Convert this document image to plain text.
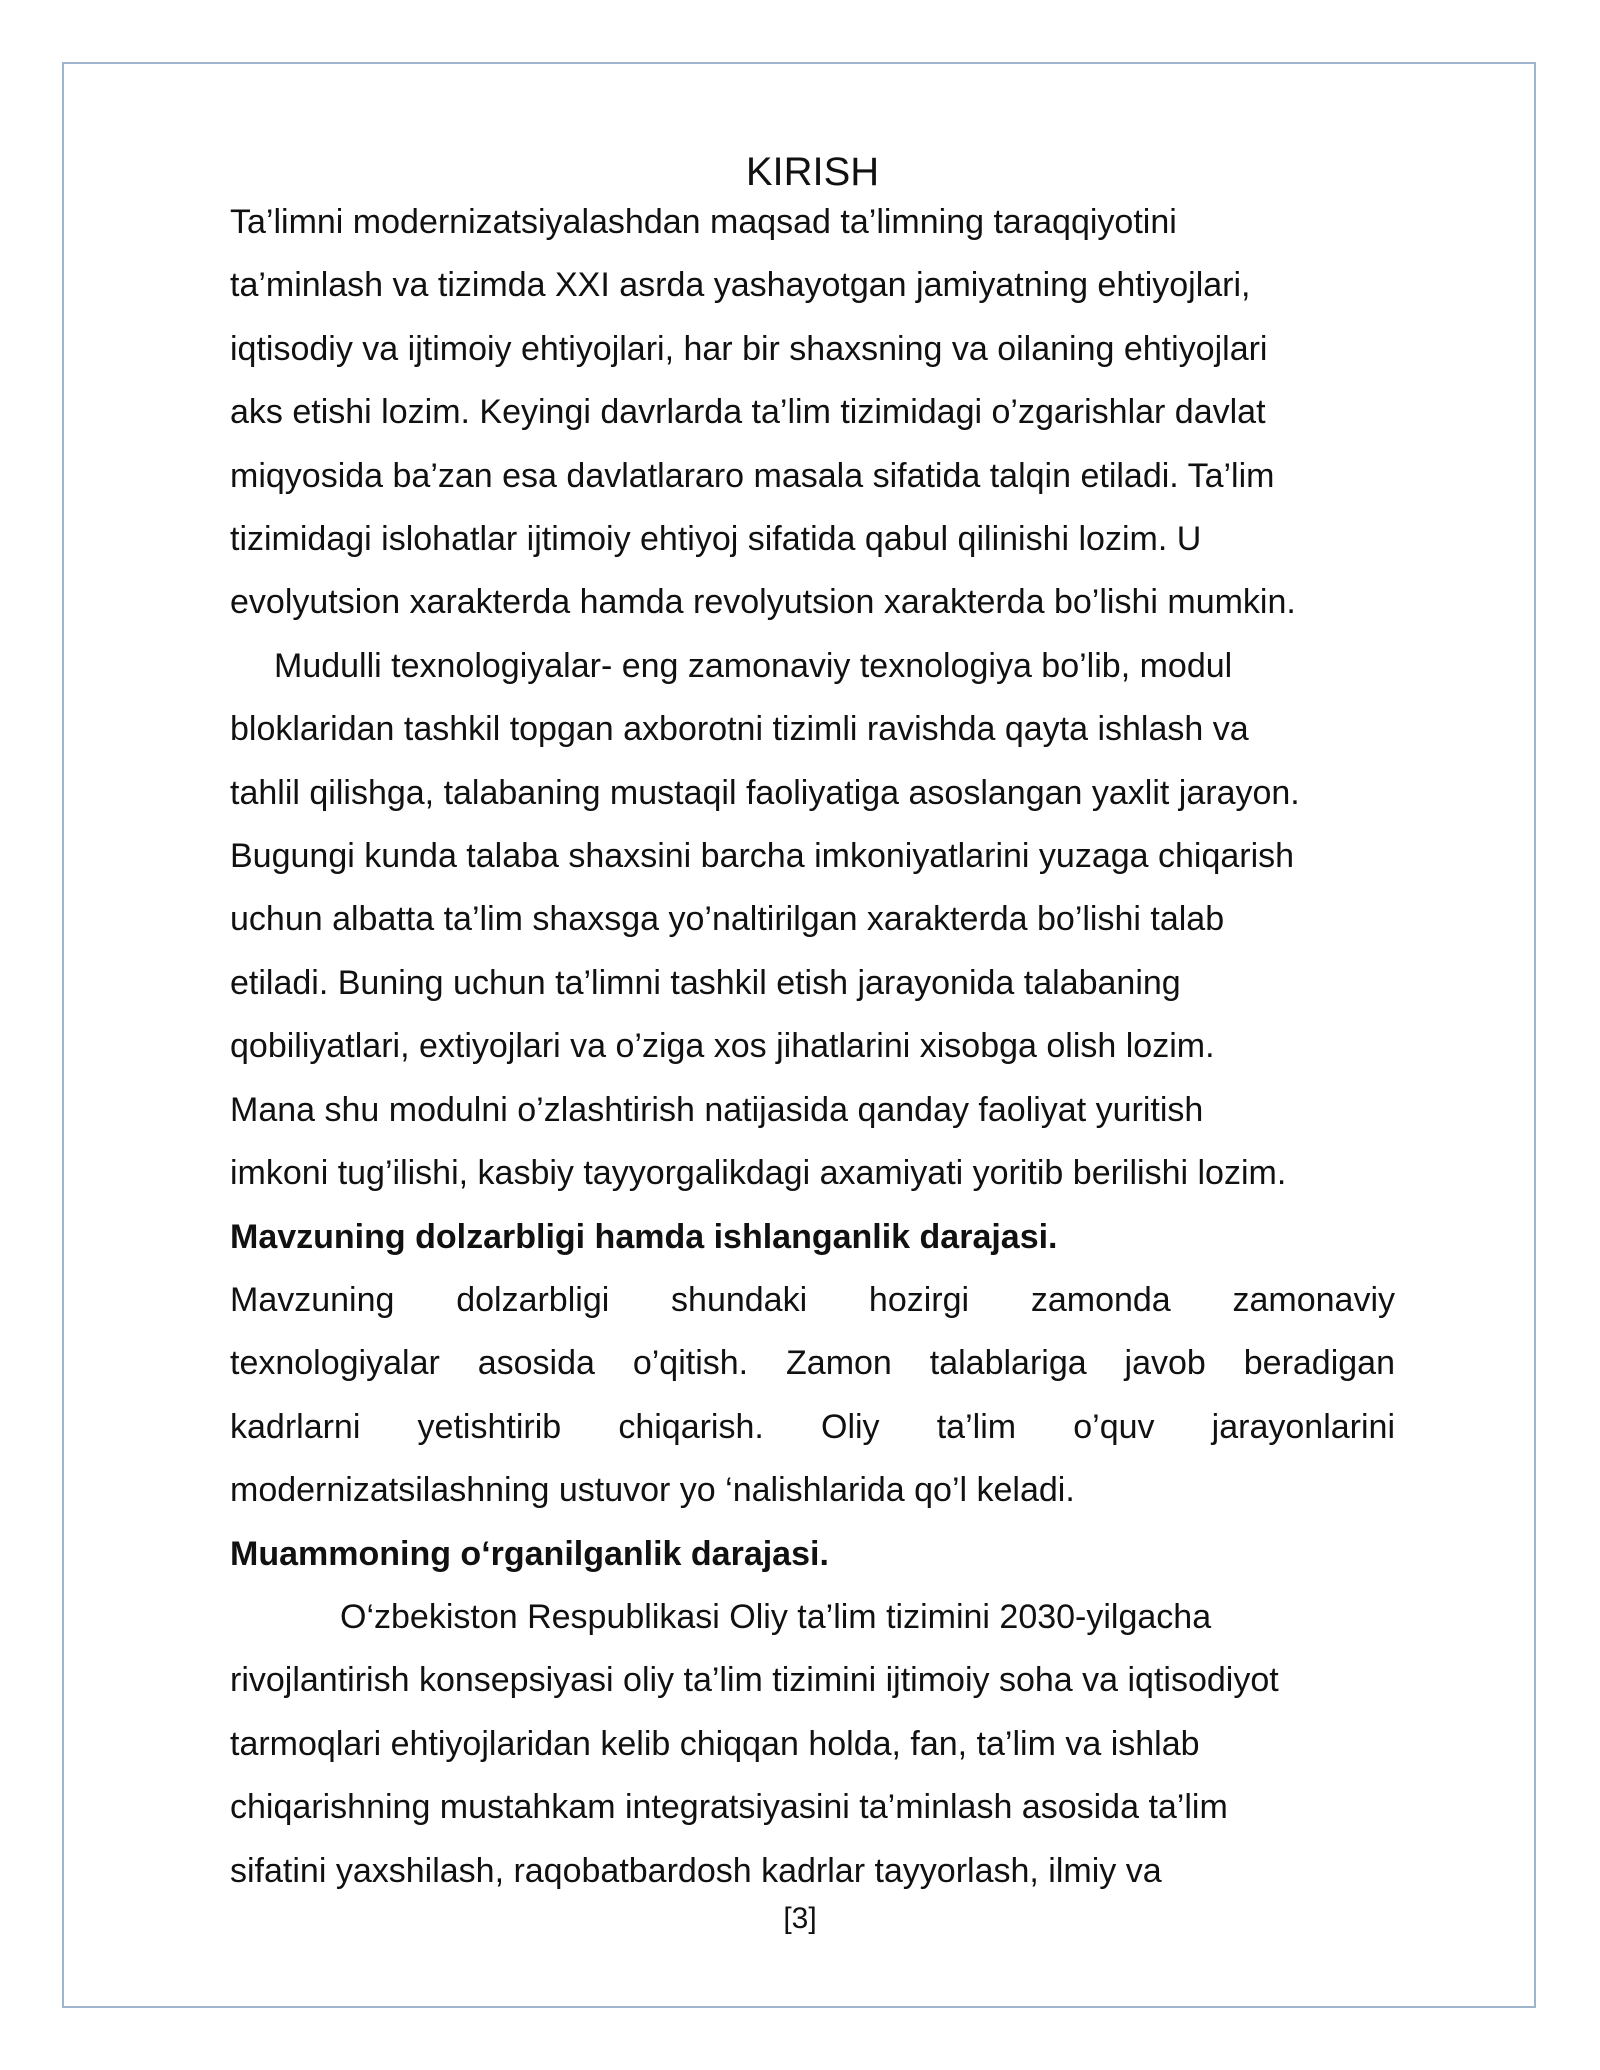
KIRISH
Ta’limni modernizatsiyalashdan maqsad ta’limning taraqqiyotini
ta’minlash va tizimda XXI asrda yashayotgan jamiyatning ehtiyojlari,
iqtisodiy va ijtimoiy ehtiyojlari, har bir shaxsning va oilaning ehtiyojlari
aks etishi lozim. Keyingi davrlarda ta’lim tizimidagi o’zgarishlar davlat
miqyosida ba’zan esa davlatlararo masala sifatida talqin etiladi. Ta’lim
tizimidagi islohatlar ijtimoiy ehtiyoj sifatida qabul qilinishi lozim. U
evolyutsion xarakterda hamda revolyutsion xarakterda bo’lishi mumkin.
Mudulli texnologiyalar- eng zamonaviy texnologiya bo’lib, modul
bloklaridan tashkil topgan axborotni tizimli ravishda qayta ishlash va
tahlil qilishga, talabaning mustaqil faoliyatiga asoslangan yaxlit jarayon.
Bugungi kunda talaba shaxsini barcha imkoniyatlarini yuzaga chiqarish
uchun albatta ta’lim shaxsga yo’naltirilgan xarakterda bo’lishi talab
etiladi. Buning uchun ta’limni tashkil etish jarayonida talabaning
qobiliyatlari, extiyojlari va o’ziga xos jihatlarini xisobga olish lozim.
Mana shu modulni o’zlashtirish natijasida qanday faoliyat yuritish
imkoni tug’ilishi, kasbiy tayyorgalikdagi axamiyati yoritib berilishi lozim.
Mavzuning dolzarbligi hamda ishlanganlik darajasi.
Mavzuning dolzarbligi shundaki hozirgi zamonda zamonaviy
texnologiyalar asosida o’qitish. Zamon talablariga javob beradigan
kadrlarni yetishtirib chiqarish. Oliy ta’lim o’quv jarayonlarini
modernizatsilashning ustuvor yo ‘nalishlarida qo’l keladi.
Muammoning o‘rganilganlik darajasi.
O‘zbekiston Respublikasi Oliy ta’lim tizimini 2030-yilgacha
rivojlantirish konsepsiyasi oliy ta’lim tizimini ijtimoiy soha va iqtisodiyot
tarmoqlari ehtiyojlaridan kelib chiqqan holda, fan, ta’lim va ishlab
chiqarishning mustahkam integratsiyasini ta’minlash asosida ta’lim
sifatini yaxshilash, raqobatbardosh kadrlar tayyorlash, ilmiy va
[3]
